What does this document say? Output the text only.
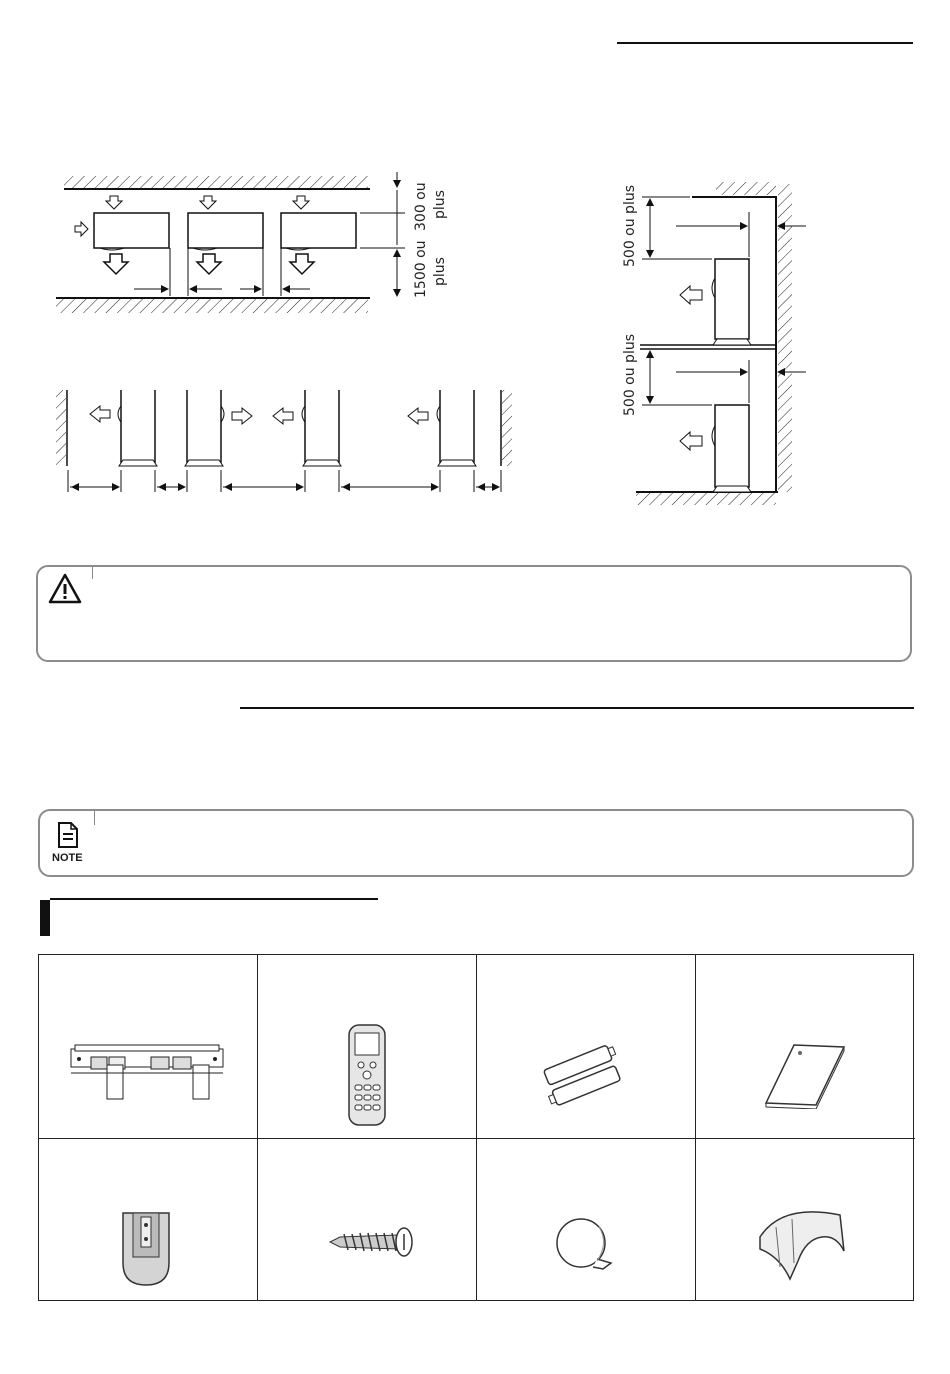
300 ou plus
1500 ou plus
500 ou plus
500 ou plus
NOTE
